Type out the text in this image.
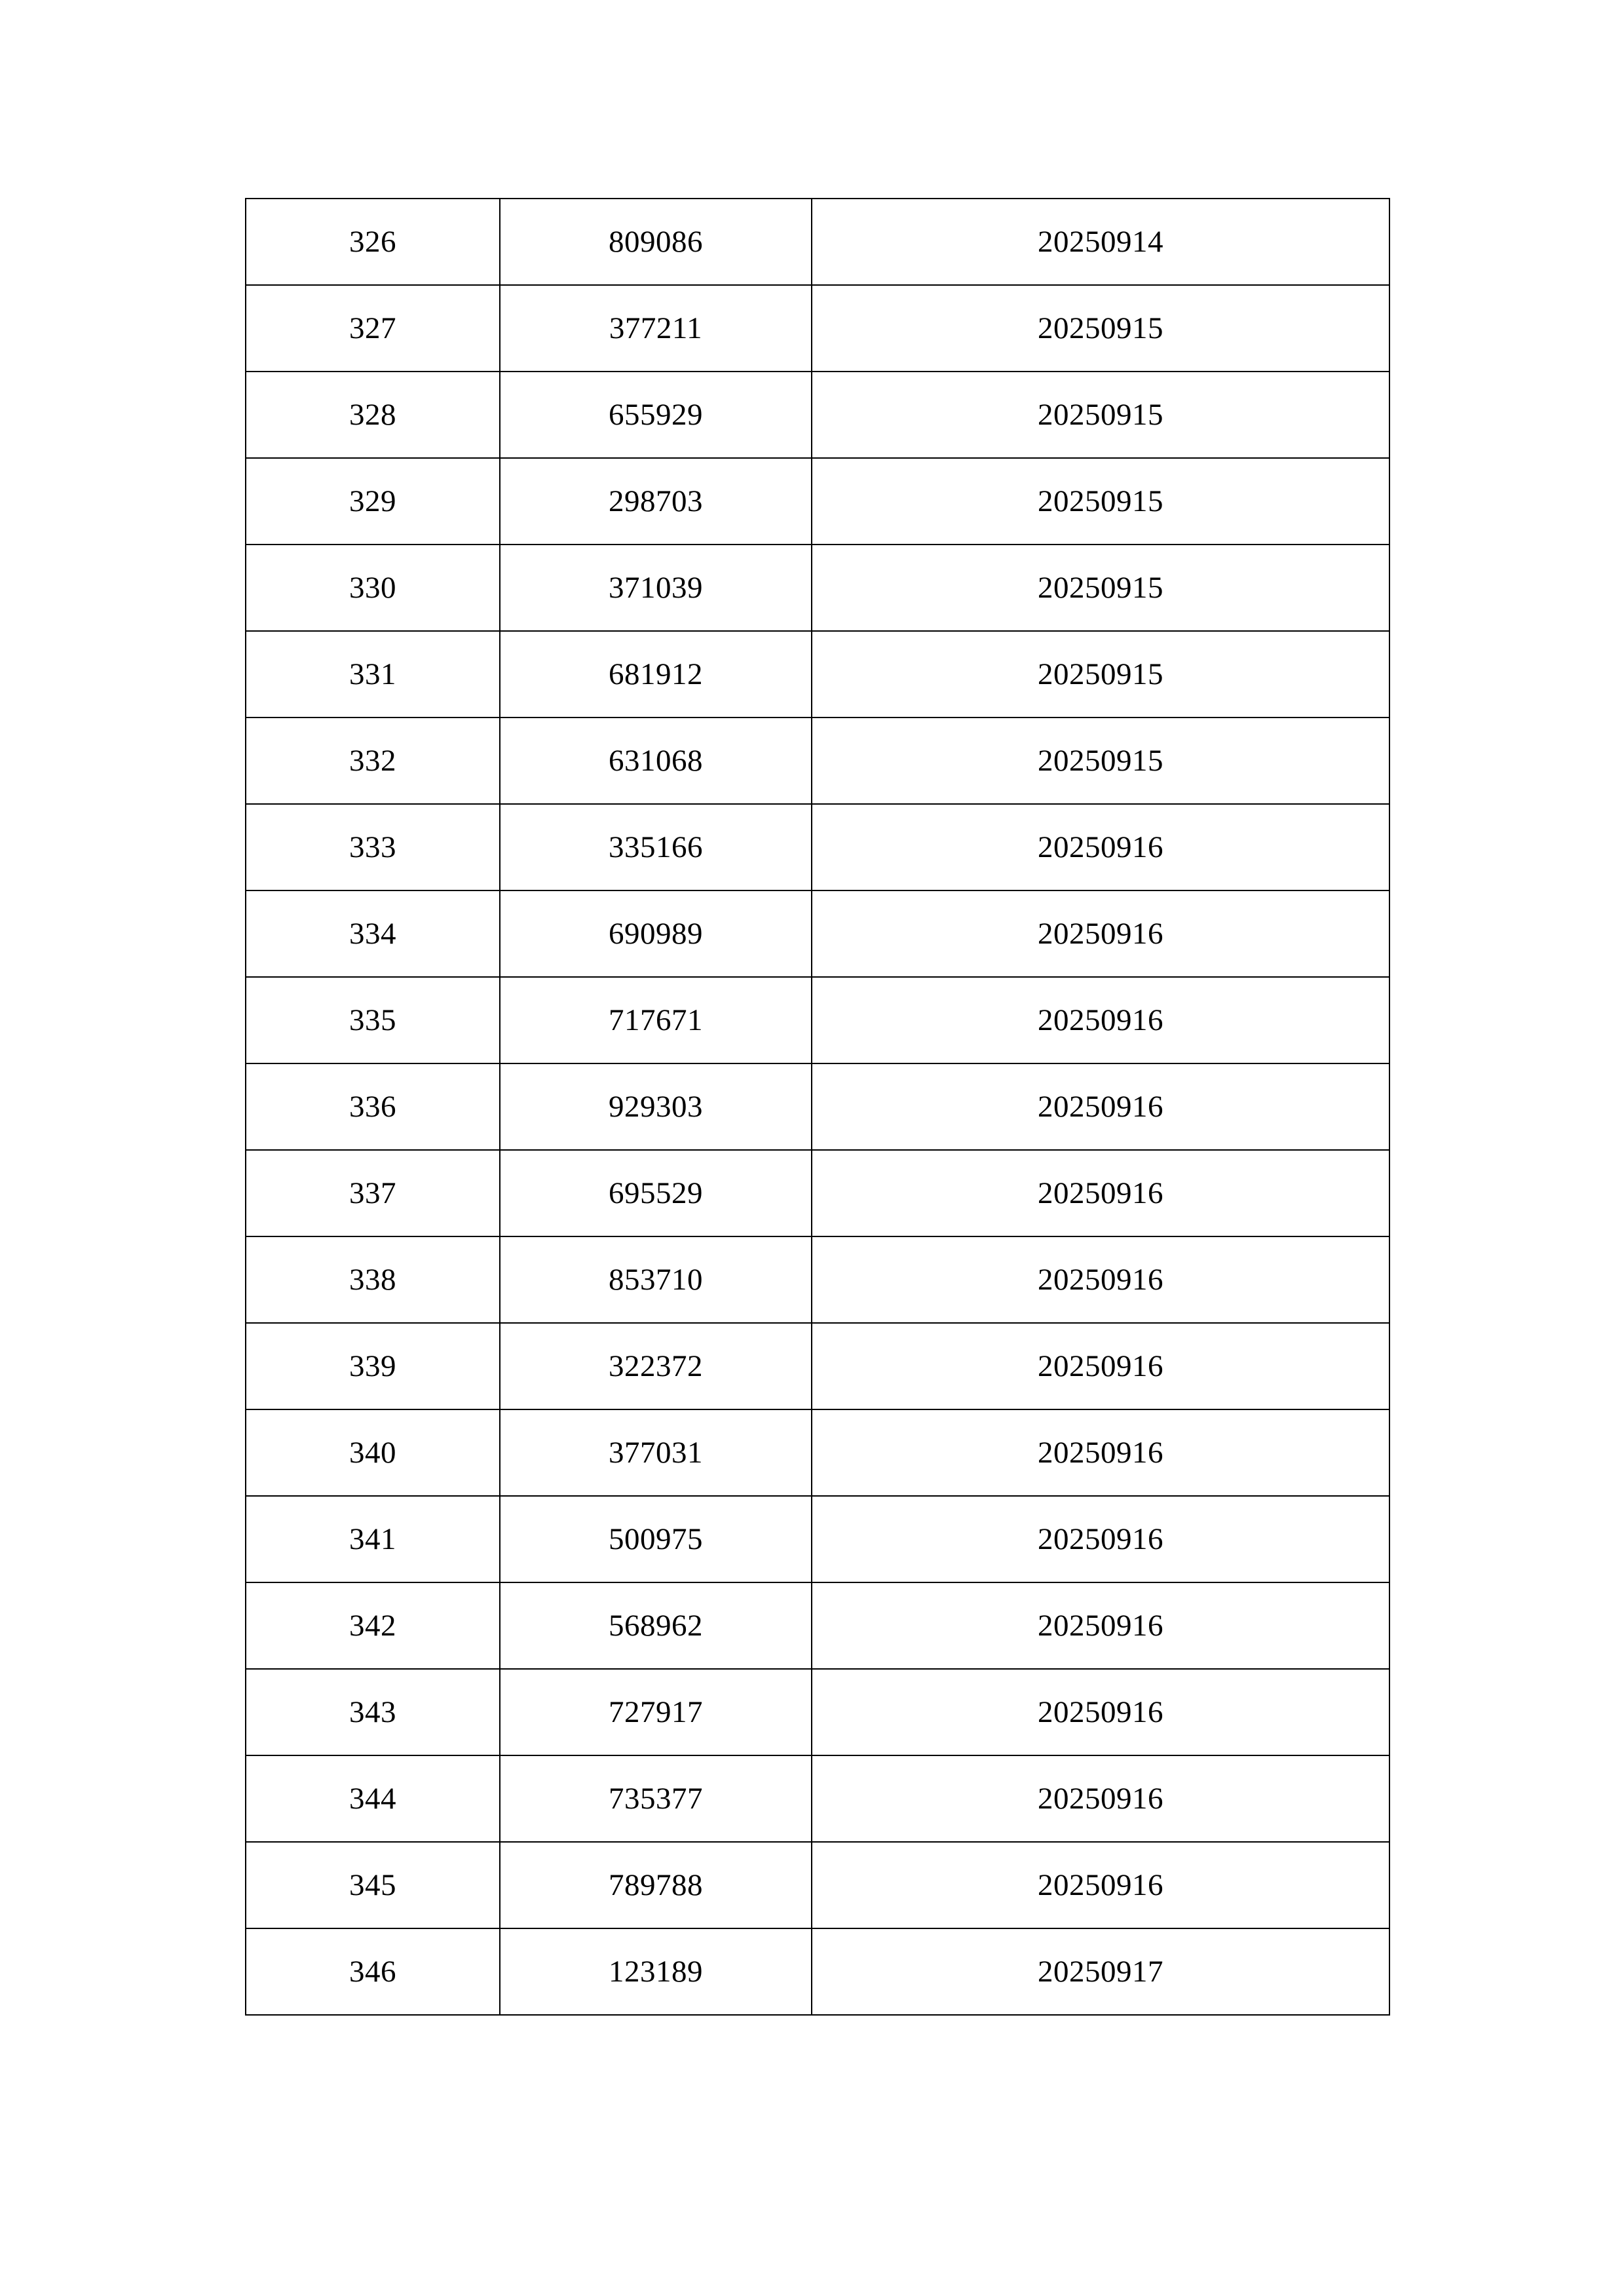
326	809086	20250914
327	377211	20250915
328	655929	20250915
329	298703	20250915
330	371039	20250915
331	681912	20250915
332	631068	20250915
333	335166	20250916
334	690989	20250916
335	717671	20250916
336	929303	20250916
337	695529	20250916
338	853710	20250916
339	322372	20250916
340	377031	20250916
341	500975	20250916
342	568962	20250916
343	727917	20250916
344	735377	20250916
345	789788	20250916
346	123189	20250917
